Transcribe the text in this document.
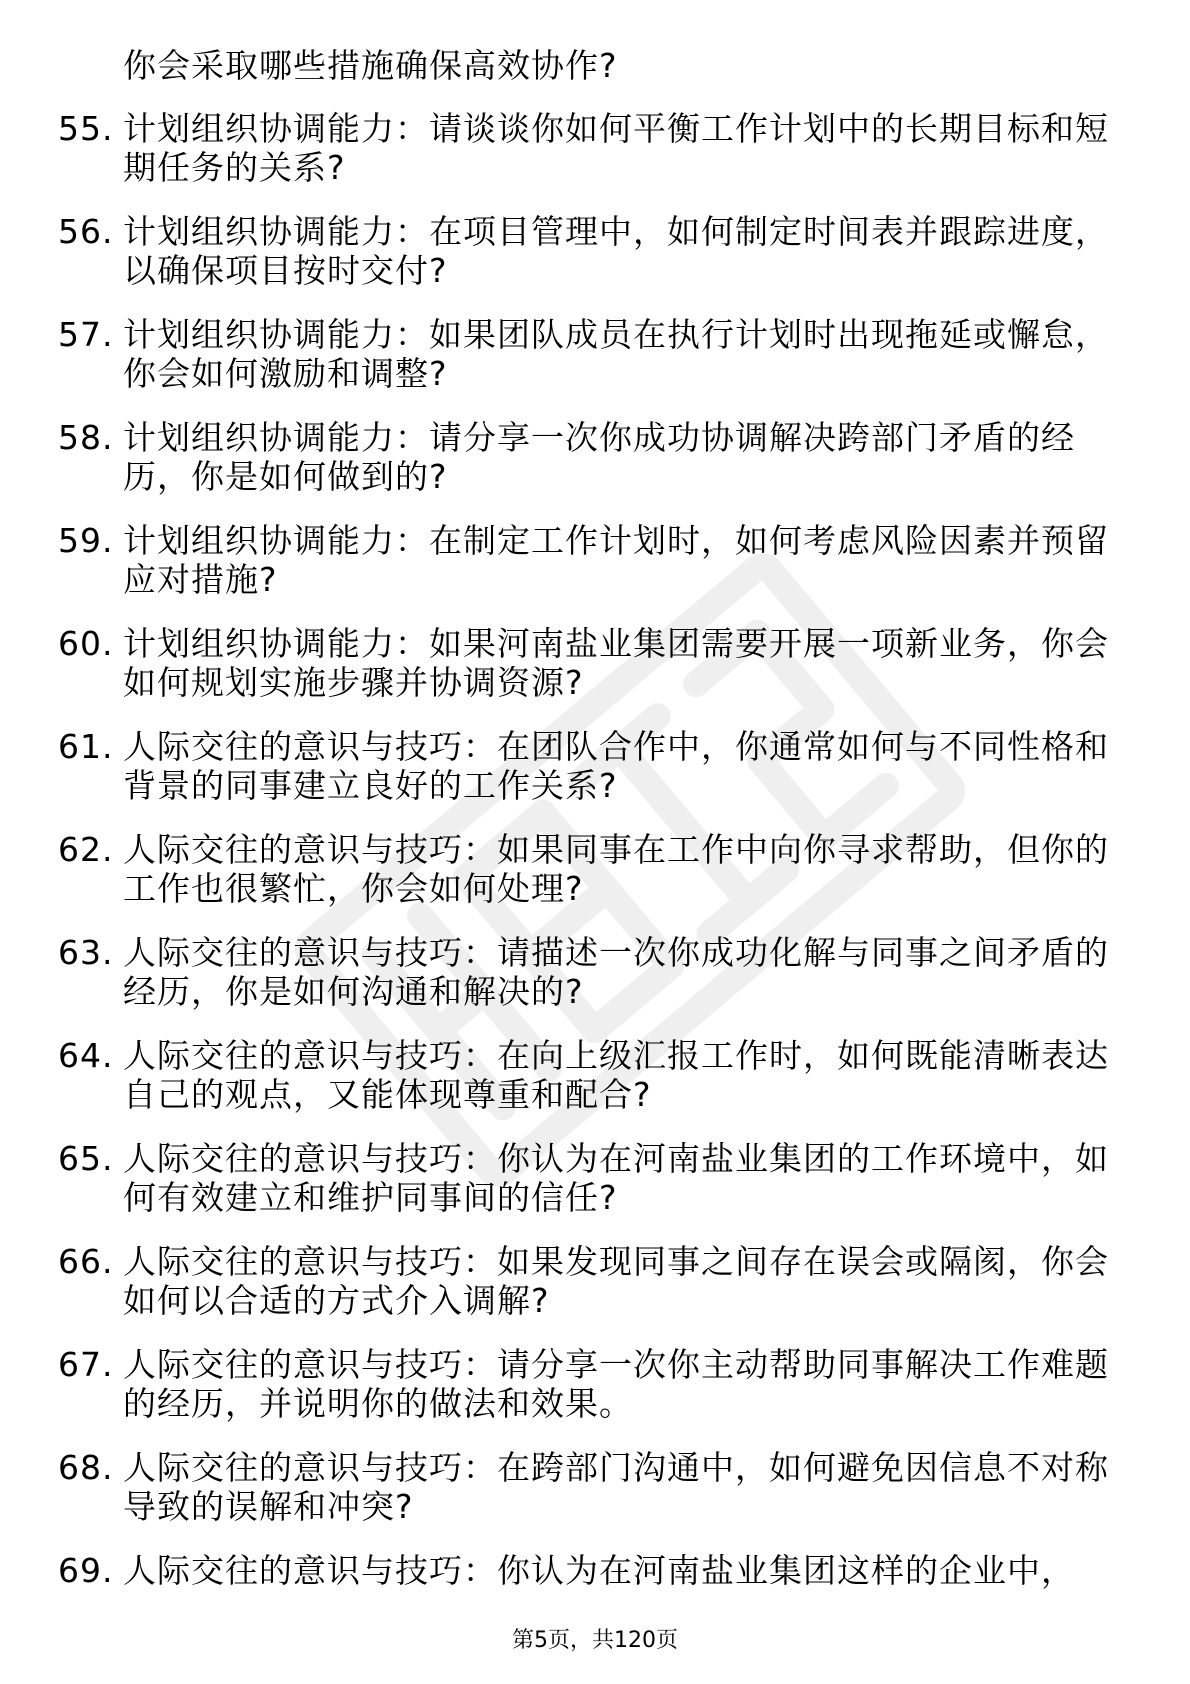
你会采取哪些措施确保高效协作?
55. 计划组织协调能力：请谈谈你如何平衡工作计划中的长期目标和短期任务的关系?
56. 计划组织协调能力：在项目管理中，如何制定时间表并跟踪进度，以确保项目按时交付?
57. 计划组织协调能力：如果团队成员在执行计划时出现拖延或懈怠，你会如何激励和调整?
58. 计划组织协调能力：请分享一次你成功协调解决跨部门矛盾的经历，你是如何做到的?
59. 计划组织协调能力：在制定工作计划时，如何考虑风险因素并预留应对措施?
60. 计划组织协调能力：如果河南盐业集团需要开展一项新业务，你会如何规划实施步骤并协调资源?
61. 人际交往的意识与技巧：在团队合作中，你通常如何与不同性格和背景的同事建立良好的工作关系?
62. 人际交往的意识与技巧：如果同事在工作中向你寻求帮助，但你的工作也很繁忙，你会如何处理?
63. 人际交往的意识与技巧：请描述一次你成功化解与同事之间矛盾的经历，你是如何沟通和解决的?
64. 人际交往的意识与技巧：在向上级汇报工作时，如何既能清晰表达自己的观点，又能体现尊重和配合?
65. 人际交往的意识与技巧：你认为在河南盐业集团的工作环境中，如何有效建立和维护同事间的信任?
66. 人际交往的意识与技巧：如果发现同事之间存在误会或隔阂，你会如何以合适的方式介入调解?
67. 人际交往的意识与技巧：请分享一次你主动帮助同事解决工作难题的经历，并说明你的做法和效果。
68. 人际交往的意识与技巧：在跨部门沟通中，如何避免因信息不对称导致的误解和冲突?
69. 人际交往的意识与技巧：你认为在河南盐业集团这样的企业中，
第5页，共120页
